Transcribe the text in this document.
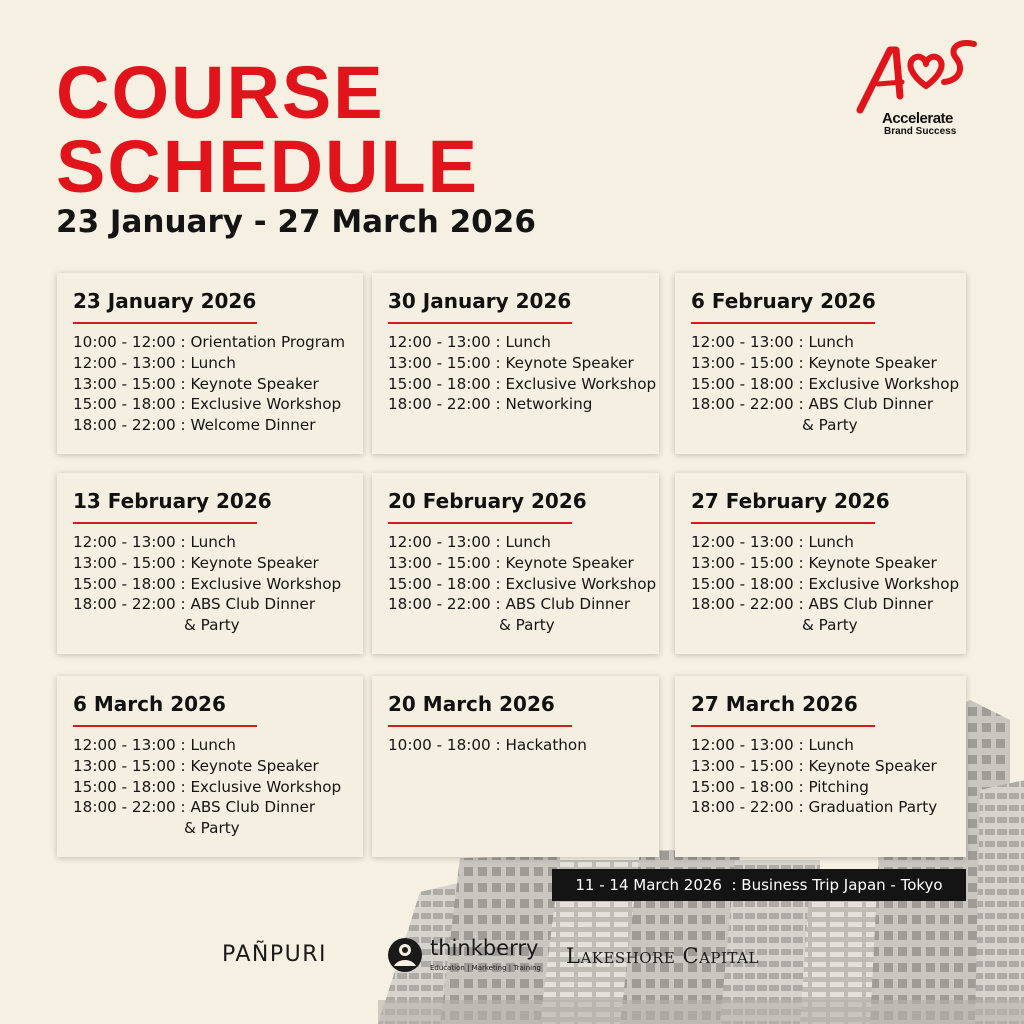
COURSE
SCHEDULE
23 January - 27 March 2026
Accelerate
Brand Success
23 January 2026
10:00 - 12:00 : Orientation Program
12:00 - 13:00 : Lunch
13:00 - 15:00 : Keynote Speaker
15:00 - 18:00 : Exclusive Workshop
18:00 - 22:00 : Welcome Dinner
30 January 2026
12:00 - 13:00 : Lunch
13:00 - 15:00 : Keynote Speaker
15:00 - 18:00 : Exclusive Workshop
18:00 - 22:00 : Networking
6 February 2026
12:00 - 13:00 : Lunch
13:00 - 15:00 : Keynote Speaker
15:00 - 18:00 : Exclusive Workshop
18:00 - 22:00 : ABS Club Dinner
& Party
13 February 2026
12:00 - 13:00 : Lunch
13:00 - 15:00 : Keynote Speaker
15:00 - 18:00 : Exclusive Workshop
18:00 - 22:00 : ABS Club Dinner
& Party
20 February 2026
12:00 - 13:00 : Lunch
13:00 - 15:00 : Keynote Speaker
15:00 - 18:00 : Exclusive Workshop
18:00 - 22:00 : ABS Club Dinner
& Party
27 February 2026
12:00 - 13:00 : Lunch
13:00 - 15:00 : Keynote Speaker
15:00 - 18:00 : Exclusive Workshop
18:00 - 22:00 : ABS Club Dinner
& Party
6 March 2026
12:00 - 13:00 : Lunch
13:00 - 15:00 : Keynote Speaker
15:00 - 18:00 : Exclusive Workshop
18:00 - 22:00 : ABS Club Dinner
& Party
20 March 2026
10:00 - 18:00 : Hackathon
27 March 2026
12:00 - 13:00 : Lunch
13:00 - 15:00 : Keynote Speaker
15:00 - 18:00 : Pitching
18:00 - 22:00 : Graduation Party
11 - 14 March 2026  : Business Trip Japan - Tokyo
PAÑPURI	thinkberry
Education | Marketing | Training Lakeshore Capital
